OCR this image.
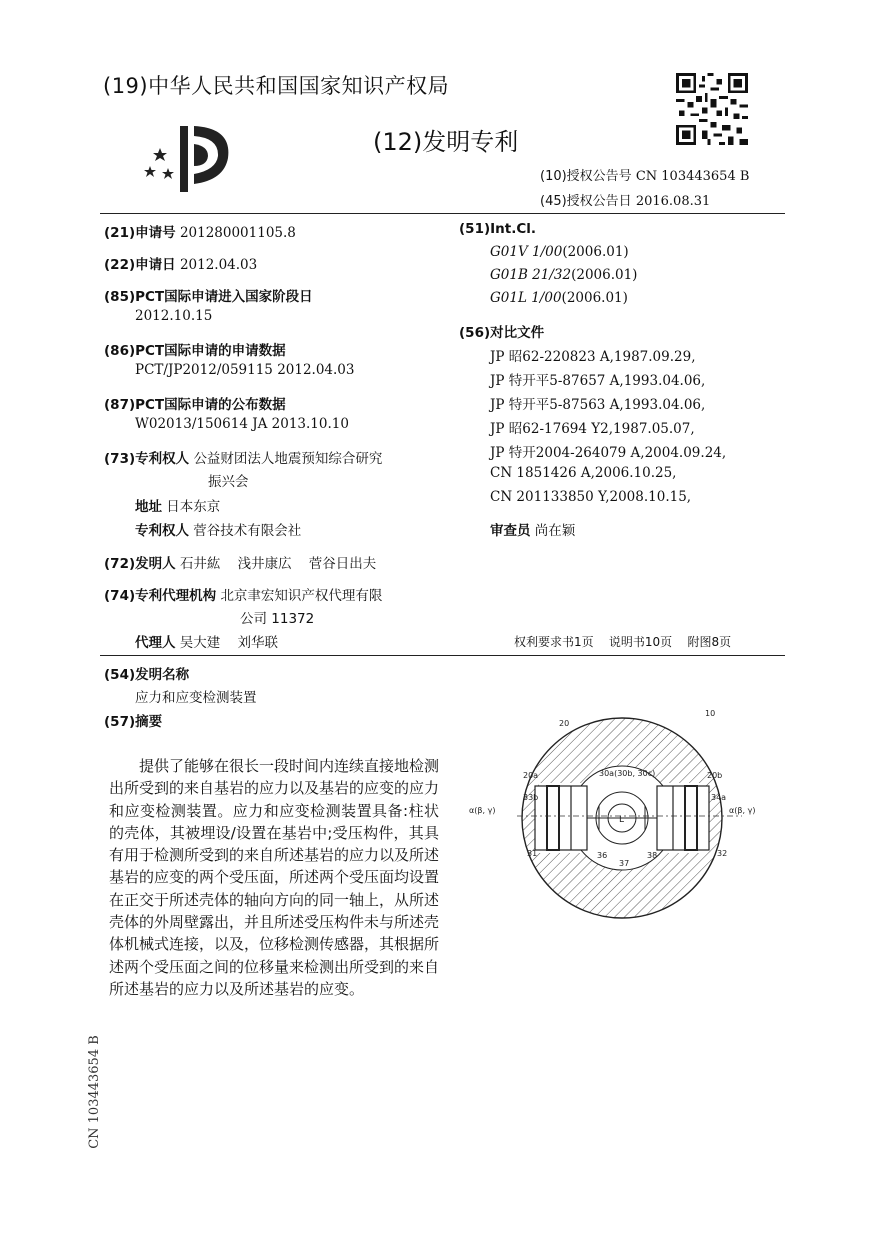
(19)中华人民共和国国家知识产权局
(12)发明专利
(10)授权公告号 CN 103443654 B
(45)授权公告日 2016.08.31
(21)申请号 201280001105.8
(22)申请日 2012.04.03
(85)PCT国际申请进入国家阶段日
2012.10.15
(86)PCT国际申请的申请数据
PCT/JP2012/059115 2012.04.03
(87)PCT国际申请的公布数据
W02013/150614 JA 2013.10.10
(73)专利权人 公益财团法人地震预知综合研究
振兴会
地址 日本东京
专利权人 菅谷技术有限会社
(72)发明人 石井紘    浅井康広    菅谷日出夫
(74)专利代理机构 北京聿宏知识产权代理有限
公司 11372
代理人 吴大建    刘华联
(51)Int.Cl.
G01V 1/00(2006.01)
G01B 21/32(2006.01)
G01L 1/00(2006.01)
(56)对比文件
JP 昭62-220823 A,1987.09.29,
JP 特开平5-87657 A,1993.04.06,
JP 特开平5-87563 A,1993.04.06,
JP 昭62-17694 Y2,1987.05.07,
JP 特开2004-264079 A,2004.09.24,
CN 1851426 A,2006.10.25,
CN 201133850 Y,2008.10.15,
审查员 尚在颖
权利要求书1页 说明书10页 附图8页
(54)发明名称
应力和应变检测装置
(57)摘要

提供了能够在很长一段时间内连续直接地检测出所受到的来自基岩的应力以及基岩的应变的应力和应变检测装置。应力和应变检测装置具备:柱状的壳体，其被埋设/设置在基岩中;受压构件，其具有用于检测所受到的来自所述基岩的应力以及所述基岩的应变的两个受压面，所述两个受压面均设置在正交于所述壳体的轴向方向的同一轴上，从所述壳体的外周壁露出，并且所述受压构件未与所述壳体机械式连接，以及，位移检测传感器，其根据所述两个受压面之间的位移量来检测出所受到的来自所述基岩的应力以及所述基岩的应变。

CN 103443654 B
10
20
20a	20b
30a(30b, 30c)
33b	34a
α(β, γ)	α(β, γ)
31	32
36
37
38
L
